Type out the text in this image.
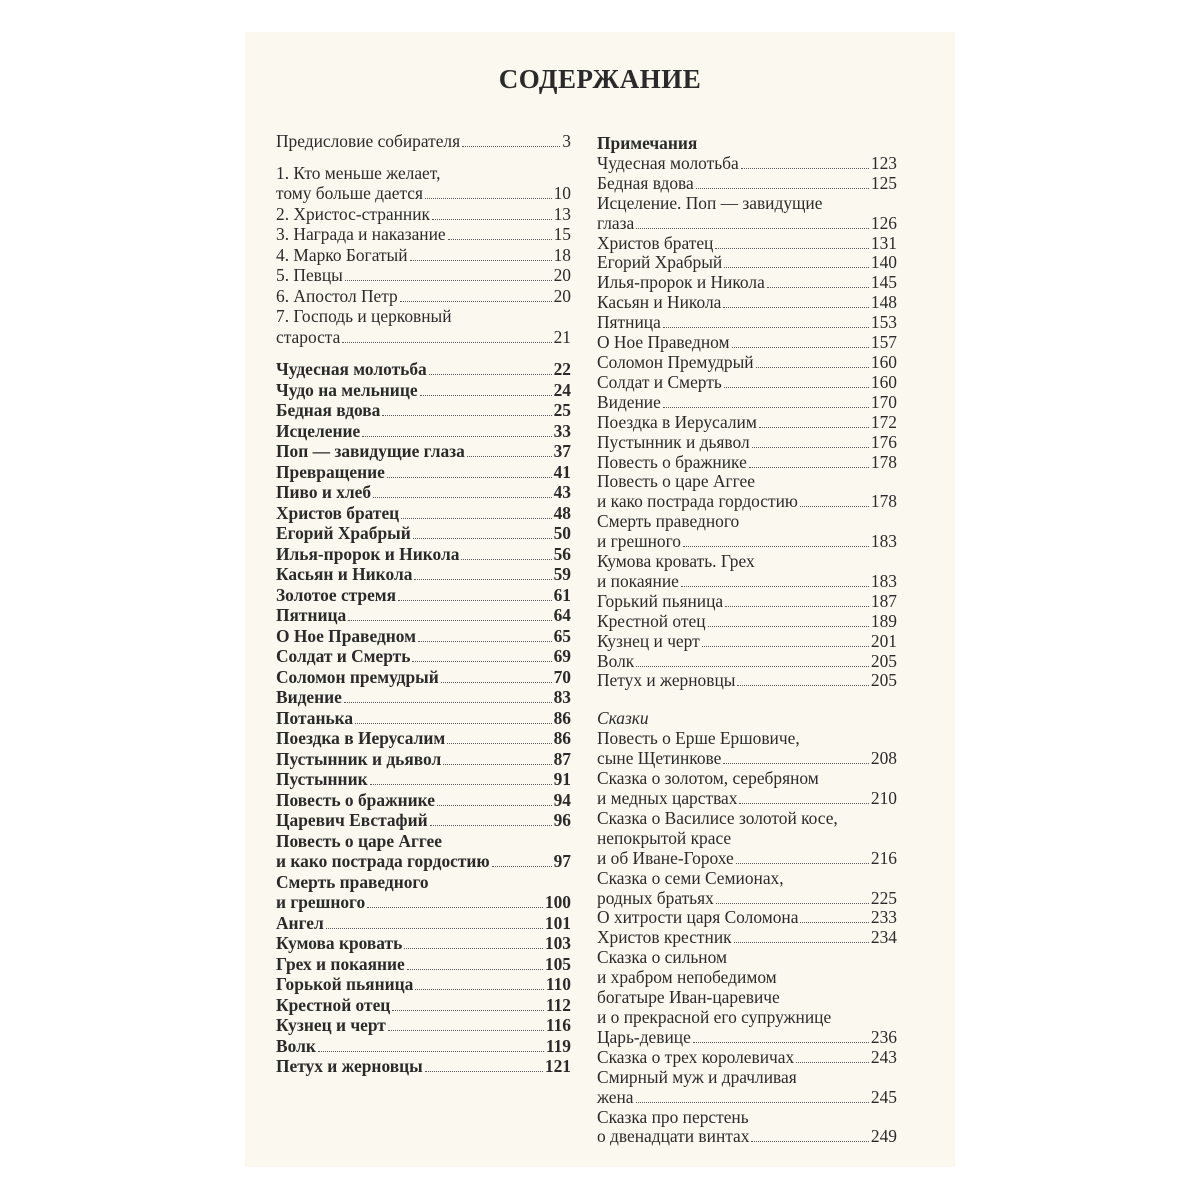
СОДЕРЖАНИЕ
Предисловие собирателя	3
1. Кто меньше желает,
тому больше дается	10
2. Христос-странник	13
3. Награда и наказание	15
4. Марко Богатый	18
5. Певцы	20
6. Апостол Петр	20
7. Господь и церковный
староста	21
Чудесная молотьба	22
Чудо на мельнице	24
Бедная вдова	25
Исцеление	33
Поп — завидущие глаза	37
Превращение	41
Пиво и хлеб	43
Христов братец	48
Егорий Храбрый	50
Илья-пророк и Никола	56
Касьян и Никола	59
Золотое стремя	61
Пятница	64
О Ное Праведном	65
Солдат и Смерть	69
Соломон премудрый	70
Видение	83
Потанька	86
Поездка в Иерусалим	86
Пустынник и дьявол	87
Пустынник	91
Повесть о бражнике	94
Царевич Евстафий	96
Повесть о царе Аггее
и како пострада гордостию	97
Смерть праведного
и грешного	100
Ангел	101
Кумова кровать	103
Грех и покаяние	105
Горькой пьяница	110
Крестной отец	112
Кузнец и черт	116
Волк	119
Петух и жерновцы	121
Примечания
Чудесная молотьба	123
Бедная вдова	125
Исцеление. Поп — завидущие
глаза	126
Христов братец	131
Егорий Храбрый	140
Илья-пророк и Никола	145
Касьян и Никола	148
Пятница	153
О Ное Праведном	157
Соломон Премудрый	160
Солдат и Смерть	160
Видение	170
Поездка в Иерусалим	172
Пустынник и дьявол	176
Повесть о бражнике	178
Повесть о царе Аггее
и како пострада гордостию	178
Смерть праведного
и грешного	183
Кумова кровать. Грех
и покаяние	183
Горький пьяница	187
Крестной отец	189
Кузнец и черт	201
Волк	205
Петух и жерновцы	205
Сказки
Повесть о Ерше Ершовиче,
сыне Щетинкове	208
Сказка о золотом, серебряном
и медных царствах	210
Сказка о Василисе золотой косе,
непокрытой красе
и об Иване-Горохе	216
Сказка о семи Семионах,
родных братьях	225
О хитрости царя Соломона	233
Христов крестник	234
Сказка о сильном
и храбром непобедимом
богатыре Иван-царевиче
и о прекрасной его супружнице
Царь-девице	236
Сказка о трех королевичах	243
Смирный муж и драчливая
жена	245
Сказка про перстень
о двенадцати винтах	249
